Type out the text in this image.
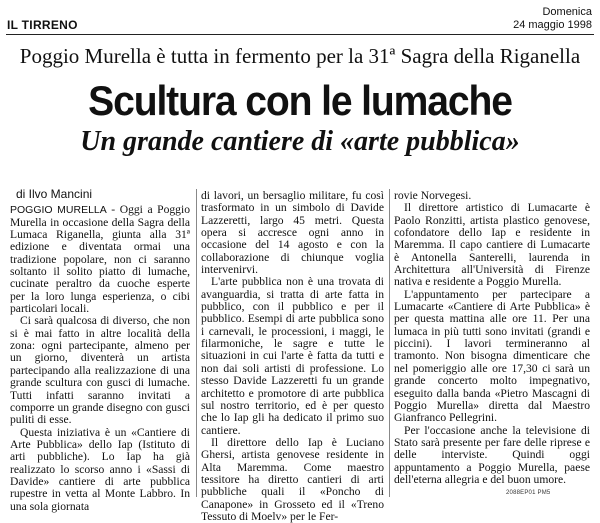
IL TIRRENO
Domenica
24 maggio 1998
Poggio Murella è tutta in fermento per la 31ª Sagra della Riganella
Scultura con le lumache
Un grande cantiere di «arte pubblica»
di Ilvo Mancini

POGGIO MURELLA - Oggi a Poggio Murella in occasione della Sagra della Lumaca Riganella, giunta alla 31ª edizione e diventata ormai una tradizione popolare, non ci saranno soltanto il solito piatto di lumache, cucinate peraltro da cuoche esperte per la loro lunga esperienza, o cibi particolari locali.

Ci sarà qualcosa di diverso, che non si è mai fatto in altre località della zona: ogni partecipante, almeno per un giorno, diventerà un artista partecipando alla realizzazione di una grande scultura con gusci di lumache. Tutti infatti saranno invitati a comporre un grande disegno con gusci puliti di esse.

Questa iniziativa è un «Cantiere di Arte Pubblica» dello Iap (Istituto di arti pubbliche). Lo Iap ha già realizzato lo scorso anno i «Sassi di Davide» cantiere di arte pubblica rupestre in vetta al Monte Labbro. In una sola giornata

di lavori, un bersaglio militare, fu così trasformato in un simbolo di Davide Lazzeretti, largo 45 metri. Questa opera si accresce ogni anno in occasione del 14 agosto e con la collaborazione di chiunque voglia intervenirvi.

L'arte pubblica non è una trovata di avanguardia, si tratta di arte fatta in pubblico, con il pubblico e per il pubblico. Esempi di arte pubblica sono i carnevali, le processioni, i maggi, le filarmoniche, le sagre e tutte le situazioni in cui l'arte è fatta da tutti e non dai soli artisti di professione. Lo stesso Davide Lazzeretti fu un grande architetto e promotore di arte pubblica sul nostro territorio, ed è per questo che lo Iap gli ha dedicato il primo suo cantiere.

Il direttore dello Iap è Luciano Ghersi, artista genovese residente in Alta Maremma. Come maestro tessitore ha diretto cantieri di arti pubbliche quali il «Poncho di Canapone» in Grosseto ed il «Treno Tessuto di Moelv» per le Fer-

rovie Norvegesi.

Il direttore artistico di Lumacarte è Paolo Ronzitti, artista plastico genovese, cofondatore dello Iap e residente in Maremma. Il capo cantiere di Lumacarte è Antonella Santerelli, laurenda in Architettura all'Università di Firenze nativa e residente a Poggio Murella.

L'appuntamento per partecipare a Lumacarte «Cantiere di Arte Pubblica» è per questa mattina alle ore 11. Per una lumaca in più tutti sono invitati (grandi e piccini). I lavori termineranno al tramonto. Non bisogna dimenticare che nel pomeriggio alle ore 17,30 ci sarà un grande concerto molto impegnativo, eseguito dalla banda «Pietro Mascagni di Poggio Murella» diretta dal Maestro Gianfranco Pellegrini.

Per l'occasione anche la televisione di Stato sarà presente per fare delle riprese e delle interviste. Quindi oggi appuntamento a Poggio Murella, paese dell'eterna allegria e del buon umore.

2088EP01 PM5
